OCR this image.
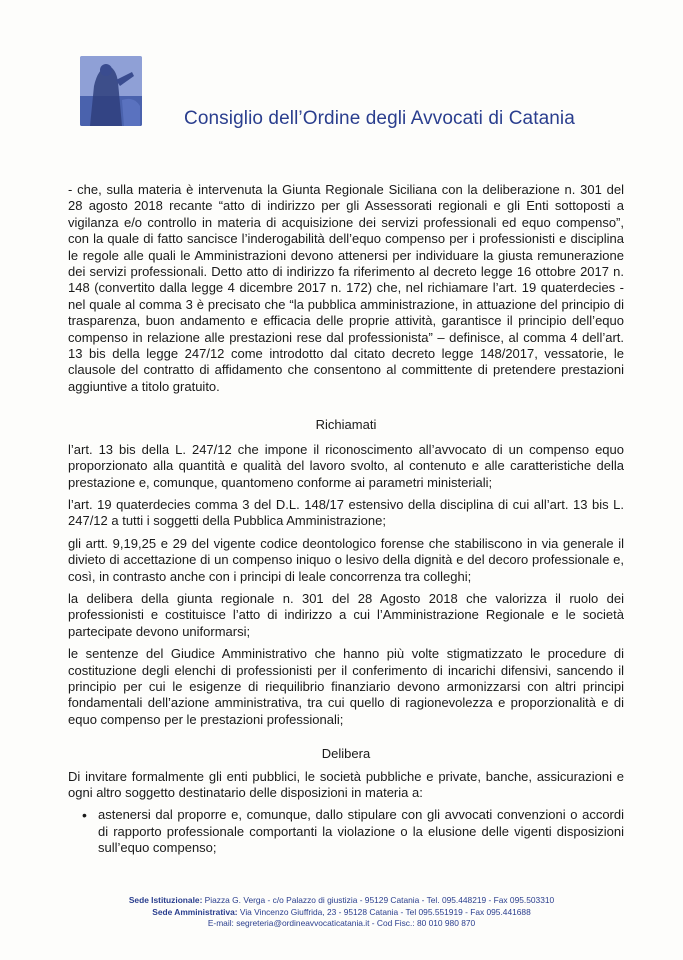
Consiglio dell’Ordine degli Avvocati di Catania

- che, sulla materia è intervenuta la Giunta Regionale Siciliana con la deliberazione n. 301 del 28 agosto 2018 recante “atto di indirizzo per gli Assessorati regionali e gli Enti sottoposti a vigilanza e/o controllo in materia di acquisizione dei servizi professionali ed equo compenso”, con la quale di fatto sancisce l’inderogabilità dell’equo compenso per i professionisti e disciplina le regole alle quali le Amministrazioni devono attenersi per individuare la giusta remunerazione dei servizi professionali. Detto atto di indirizzo fa riferimento al decreto legge 16 ottobre 2017 n. 148 (convertito dalla legge 4 dicembre 2017 n. 172) che, nel richiamare l’art. 19 quaterdecies - nel quale al comma 3 è precisato che “la pubblica amministrazione, in attuazione del principio di trasparenza, buon andamento e efficacia delle proprie attività, garantisce il principio dell’equo compenso in relazione alle prestazioni rese dal professionista” – definisce, al comma 4 dell’art. 13 bis della legge 247/12 come introdotto dal citato decreto legge 148/2017, vessatorie, le clausole del contratto di affidamento che consentono al committente di pretendere prestazioni aggiuntive a titolo gratuito.

Richiamati

l’art. 13 bis della L. 247/12 che impone il riconoscimento all’avvocato di un compenso equo proporzionato alla quantità e qualità del lavoro svolto, al contenuto e alle caratteristiche della prestazione e, comunque, quantomeno conforme ai parametri ministeriali;

l’art. 19 quaterdecies comma 3 del D.L. 148/17 estensivo della disciplina di cui all’art. 13 bis L. 247/12 a tutti i soggetti della Pubblica Amministrazione;

gli artt. 9,19,25 e 29 del vigente codice deontologico forense che stabiliscono in via generale il divieto di accettazione di un compenso iniquo o lesivo della dignità e del decoro professionale e, così, in contrasto anche con i principi di leale concorrenza tra colleghi;

la delibera della giunta regionale n. 301 del 28 Agosto 2018 che valorizza il ruolo dei professionisti e costituisce l’atto di indirizzo a cui l’Amministrazione Regionale e le società partecipate devono uniformarsi;

le sentenze del Giudice Amministrativo che hanno più volte stigmatizzato le procedure di costituzione degli elenchi di professionisti per il conferimento di incarichi difensivi, sancendo il principio per cui le esigenze di riequilibrio finanziario devono armonizzarsi con altri principi fondamentali dell’azione amministrativa, tra cui quello di ragionevolezza e proporzionalità e di equo compenso per le prestazioni professionali;

Delibera

Di invitare formalmente gli enti pubblici, le società pubbliche e private, banche, assicurazioni e ogni altro soggetto destinatario delle disposizioni in materia a:

• astenersi dal proporre e, comunque, dallo stipulare con gli avvocati convenzioni o accordi di rapporto professionale comportanti la violazione o la elusione delle vigenti disposizioni sull’equo compenso;
Sede Istituzionale: Piazza G. Verga - c/o Palazzo di giustizia - 95129 Catania - Tel. 095.448219 - Fax 095.503310
Sede Amministrativa: Via Vincenzo Giuffrida, 23 - 95128 Catania - Tel 095.551919 - Fax 095.441688
E-mail: segreteria@ordineavvocaticatania.it - Cod Fisc.: 80 010 980 870
